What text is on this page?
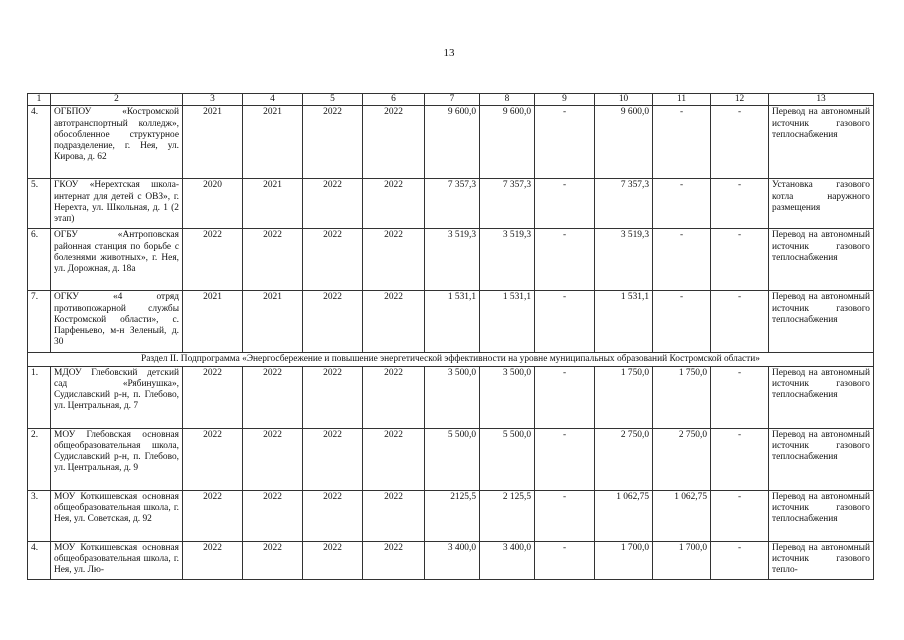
13
1	2	3	4	5	6	7	8	9	10	11	12	13
4.	ОГБПОУ «Костромской автотранспортный колледж», обособленное структурное подразделение, г. Нея, ул. Кирова, д. 62	2021	2021	2022	2022	9 600,0	9 600,0	-	9 600,0	-	-	Перевод на автономный источник газового теплоснабжения
5.	ГКОУ «Нерехтская школа-интернат для детей с ОВЗ», г. Нерехта, ул. Школьная, д. 1 (2 этап)	2020	2021	2022	2022	7 357,3	7 357,3	-	7 357,3	-	-	Установка газового котла наружного размещения
6.	ОГБУ «Антроповская районная станция по борьбе с болезнями животных», г. Нея, ул. Дорожная, д. 18а	2022	2022	2022	2022	3 519,3	3 519,3	-	3 519,3	-	-	Перевод на автономный источник газового теплоснабжения
7.	ОГКУ «4 отряд противопожарной службы Костромской области», с. Парфеньево, м-н Зеленый, д. 30	2021	2021	2022	2022	1 531,1	1 531,1	-	1 531,1	-	-	Перевод на автономный источник газового теплоснабжения
Раздел II. Подпрограмма «Энергосбережение и повышение энергетической эффективности на уровне муниципальных образований Костромской области»												
1.	МДОУ Глебовский детский сад «Рябинушка», Судиславский р-н, п. Глебово, ул. Центральная, д. 7	2022	2022	2022	2022	3 500,0	3 500,0	-	1 750,0	1 750,0	-	Перевод на автономный источник газового теплоснабжения
2.	МОУ Глебовская основная общеобразовательная школа, Судиславский р-н, п. Глебово, ул. Центральная, д. 9	2022	2022	2022	2022	5 500,0	5 500,0	-	2 750,0	2 750,0	-	Перевод на автономный источник газового теплоснабжения
3.	МОУ Коткишевская основная общеобразовательная школа, г. Нея, ул. Советская, д. 92	2022	2022	2022	2022	2125,5	2 125,5	-	1 062,75	1 062,75	-	Перевод на автономный источник газового теплоснабжения
4.	МОУ Коткишевская основная общеобразовательная школа, г. Нея, ул. Лю-	2022	2022	2022	2022	3 400,0	3 400,0	-	1 700,0	1 700,0	-	Перевод на автономный источник газового тепло-
